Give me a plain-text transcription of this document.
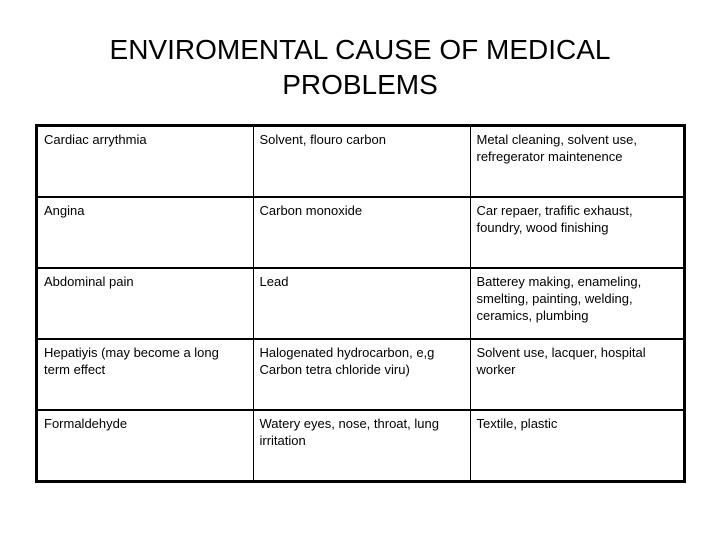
ENVIROMENTAL CAUSE OF MEDICAL PROBLEMS
Cardiac arrythmia	Solvent, flouro carbon	Metal cleaning, solvent use, refregerator maintenence
Angina	Carbon monoxide	Car repaer, trafific exhaust, foundry, wood finishing
Abdominal pain	Lead	Batterey making, enameling, smelting, painting, welding, ceramics, plumbing
Hepatiyis (may become a long term effect	Halogenated hydrocarbon, e,g Carbon tetra chloride viru)	Solvent use, lacquer, hospital worker
Formaldehyde	Watery eyes, nose, throat, lung irritation	Textile, plastic
